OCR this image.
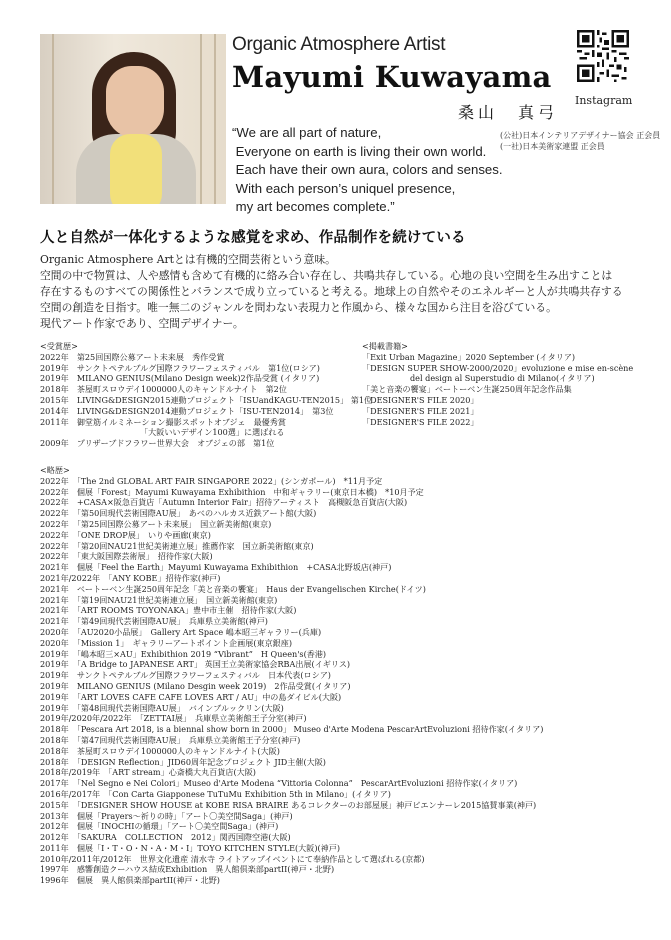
Organic Atmosphere Artist
Mayumi Kuwayama
桑山　真弓
Instagram
“We are all part of nature,
Everyone on earth is living their own world.
Each have their own aura, colors and senses.
With each person’s uniquel presence,
my art becomes complete.”
(公社)日本インテリアデザイナー協会 正会員
(一社)日本美術家連盟 正会員
人と自然が一体化するような感覚を求め、作品制作を続けている
Organic Atmosphere Artとは有機的空間芸術という意味。
空間の中で物質は、人や感情も含めて有機的に絡み合い存在し、共鳴共存している。心地の良い空間を生み出すことは
存在するものすべての関係性とバランスで成り立っていると考える。地球上の自然やそのエネルギーと人が共鳴共存する
空間の創造を目指す。唯一無二のジャンルを問わない表現力と作風から、様々な国から注目を浴びている。
現代アート作家であり、空間デザイナー。
<受賞歴>
2022年　 第25回国際公募アート未来展　秀作受賞
2019年　 サンクトペテルブルグ国際フラワーフェスティバル　第1位(ロシア)
2019年　 MILANO GENIUS(Milano Design week)2作品受賞 (イタリア)
2018年　 茶屋町スロウデイ1000000人のキャンドルナイト　第2位
2015年　 LIVING&DESIGN2015連動プロジェクト「ISUandKAGU-TEN2015」 第1位
2014年　 LIVING&DESIGN2014連動プロジェクト「ISU-TEN2014」　第3位
2011年　 御堂筋イルミネーション撮影スポットオブジェ　最優秀賞
　「大阪いいデザイン100選」に選ばれる
2009年　 プリザーブドフラワー世界大会　オブジェの部　第1位
<掲載書籍>
「Exit Urban Magazine」2020 September (イタリア)
「DESIGN SUPER SHOW-2000/2020」evoluzione e mise en-scène
del design al Superstudio di Milano(イタリア)
「美と音楽の饗宴」ベートーベン生誕250周年記念作品集
「DESIGNER'S FILE 2020」
「DESIGNER'S FILE 2021」
「DESIGNER'S FILE 2022」
<略歴>
2022年　 「The 2nd GLOBAL ART FAIR SINGAPORE 2022」(シンガポール)　*11月予定
2022年　 個展「Forest」Mayumi Kuwayama Exhibithion　中和ギャラリー(東京日本橋)　*10月予定
2022年　 +CASA×阪急百貨店「Autumn Interior Fair」招待アーティスト　高槻阪急百貨店(大阪)
2022年　 「第50回現代芸術国際AU展」　あべのハルカス近鉄アート館(大阪)
2022年　 「第25回国際公募アート未来展」　国立新美術館(東京)
2022年　 「ONE DROP展」　いりや画廊(東京)
2022年　 「第20回NAU21世紀美術連立展」推薦作家　国立新美術館(東京)
2022年　 「東大阪国際芸術展」　招待作家(大阪)
2021年　 個展「Feel the Earth」Mayumi Kuwayama Exhibithion　+CASA北野坂店(神戸)
2021年/2022年　 「ANY KOBE」招待作家(神戸)
2021年　 ベートーベン生誕250周年記念「美と音楽の饗宴」　Haus der Evangelischen Kirche(ドイツ)
2021年　 「第19回NAU21世紀美術連立展」　国立新美術館(東京)
2021年　 「ART ROOMS TOYONAKA」豊中市主催　招待作家(大阪)
2021年　 「第49回現代芸術国際AU展」　兵庫県立美術館(神戸)
2020年　 「AU2020小品展」　Gallery Art Space 嶋本昭三ギャラリー(兵庫)
2020年　 「Mission 1」　ギャラリーアートポイント企画展(東京銀座)
2019年　 「嶋本昭三×AU」Exhibithion 2019 “Vibrant”　H Queen's(香港)
2019年　 「A Bridge to JAPANESE ART」 英国王立美術家協会RBA出展(イギリス)
2019年　 サンクトペテルブルグ国際フラワーフェスティバル　日本代表(ロシア)
2019年　 MILANO GENIUS (Milano Desgin week 2019)　2作品受賞(イタリア)
2019年　 「ART LOVES CAFE CAFE LOVES ART / AU」中の島ダイビル(大阪)
2019年　 「第48回現代芸術国際AU展」　バインブルックリン(大阪)
2019年/2020年/2022年　 「ZETTAI展」　兵庫県立美術館王子分室(神戸)
2018年　 「Pescara Art 2018, is a biennal show born in 2000」 Museo d'Arte Modena PescarArtEvoluzioni 招待作家(イタリア)
2018年　 「第47回現代芸術国際AU展」　兵庫県立美術館王子分室(神戸)
2018年　 茶屋町スロウデイ1000000人のキャンドルナイト(大阪)
2018年　 「DESIGN Reflection」JID60周年記念プロジェクト JID主催(大阪)
2018年/2019年　 「ART stream」心斎橋大丸百貨店(大阪)
2017年　 「Nel Segno e Nei Colori」Museo d'Arte Modena “Vittoria Colonna”　PescarArtEvoluzioni 招待作家(イタリア)
2016年/2017年　 「Con Carta Giapponese TuTuMu Exhibition 5th in Milano」(イタリア)
2015年　 「DESIGNER SHOW HOUSE at KOBE RISA BRAIRE あるコレクターのお部屋展」神戸ビエンナーレ2015協賛事業(神戸)
2013年　 個展「Prayers～祈りの時」「アート〇美空間Saga」(神戸)
2012年　 個展「INOCHIの循環」「アート〇美空間Saga」(神戸)
2012年　 「SAKURA　COLLECTION　2012」関西国際空港(大阪)
2011年　 個展「I・T・O・N・A・M・I」TOYO KITCHEN STYLE(大阪)(神戸)
2010年/2011年/2012年　 世界文化遺産 清水寺 ライトアップイベントにて奉納作品として選ばれる(京都)
1997年　 感響創造クーハウス結成Exhibition　異人館倶楽部partII(神戸・北野)
1996年　 個展　異人館倶楽部partII(神戸・北野)
